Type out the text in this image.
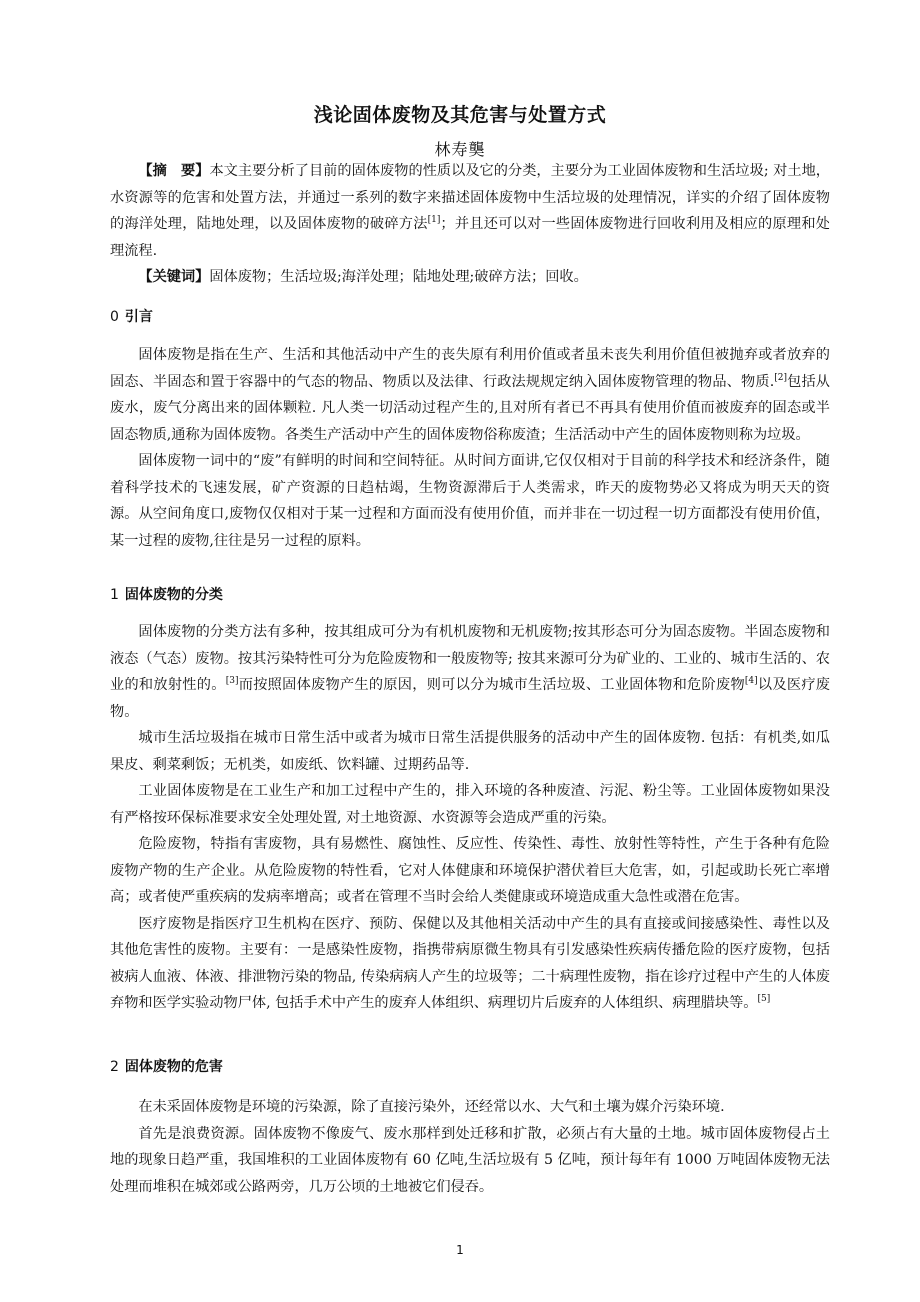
浅论固体废物及其危害与处置方式
林寿龑

【摘　要】本文主要分析了目前的固体废物的性质以及它的分类，主要分为工业固体废物和生活垃圾; 对土地，水资源等的危害和处置方法，并通过一系列的数字来描述固体废物中生活垃圾的处理情况，详实的介绍了固体废物的海洋处理，陆地处理，以及固体废物的破碎方法[1]；并且还可以对一些固体废物进行回收利用及相应的原理和处理流程.

【关键词】固体废物；生活垃圾;海洋处理；陆地处理;破碎方法；回收。

0 引言

固体废物是指在生产、生活和其他活动中产生的丧失原有利用价值或者虽未丧失利用价值但被抛弃或者放弃的固态、半固态和置于容器中的气态的物品、物质以及法律、行政法规规定纳入固体废物管理的物品、物质.[2]包括从废水，废气分离出来的固体颗粒. 凡人类一切活动过程产生的,且对所有者已不再具有使用价值而被废弃的固态或半固态物质,通称为固体废物。各类生产活动中产生的固体废物俗称废渣；生活活动中产生的固体废物则称为垃圾。

固体废物一词中的“废”有鲜明的时间和空间特征。从时间方面讲,它仅仅相对于目前的科学技术和经济条件，随着科学技术的飞速发展，矿产资源的日趋枯竭，生物资源滞后于人类需求，昨天的废物势必又将成为明天天的资源。从空间角度口,废物仅仅相对于某一过程和方面而没有使用价值，而并非在一切过程一切方面都没有使用价值，某一过程的废物,往往是另一过程的原料。

1 固体废物的分类

固体废物的分类方法有多种，按其组成可分为有机机废物和无机废物;按其形态可分为固态废物。半固态废物和液态（气态）废物。按其污染特性可分为危险废物和一般废物等; 按其来源可分为矿业的、工业的、城市生活的、农业的和放射性的。[3]而按照固体废物产生的原因，则可以分为城市生活垃圾、工业固体物和危阶废物[4]以及医疗废物。

城市生活垃圾指在城市日常生活中或者为城市日常生活提供服务的活动中产生的固体废物. 包括：有机类,如瓜果皮、剩菜剩饭；无机类，如废纸、饮料罐、过期药品等.

工业固体废物是在工业生产和加工过程中产生的，排入环境的各种废渣、污泥、粉尘等。工业固体废物如果没有严格按环保标准要求安全处理处置, 对土地资源、水资源等会造成严重的污染。

危险废物，特指有害废物，具有易燃性、腐蚀性、反应性、传染性、毒性、放射性等特性，产生于各种有危险废物产物的生产企业。从危险废物的特性看，它对人体健康和环境保护潜伏着巨大危害，如，引起或助长死亡率增高；或者使严重疾病的发病率增高；或者在管理不当时会给人类健康或环境造成重大急性或潜在危害。

医疗废物是指医疗卫生机构在医疗、预防、保健以及其他相关活动中产生的具有直接或间接感染性、毒性以及其他危害性的废物。主要有：一是感染性废物，指携带病原微生物具有引发感染性疾病传播危险的医疗废物，包括被病人血液、体液、排泄物污染的物品, 传染病病人产生的垃圾等；二十病理性废物，指在诊疗过程中产生的人体废弃物和医学实验动物尸体, 包括手术中产生的废弃人体组织、病理切片后废弃的人体组织、病理腊块等。[5]

2 固体废物的危害

在未采固体废物是环境的污染源，除了直接污染外，还经常以水、大气和土壤为媒介污染环境.

首先是浪费资源。固体废物不像废气、废水那样到处迁移和扩散，必须占有大量的土地。城市固体废物侵占土地的现象日趋严重，我国堆积的工业固体废物有 60 亿吨,生活垃圾有 5 亿吨，预计每年有 1000 万吨固体废物无法处理而堆积在城郊或公路两旁，几万公顷的土地被它们侵吞。

1
